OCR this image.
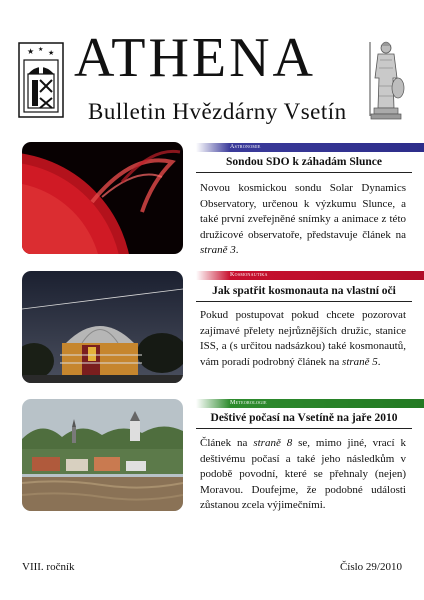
★ ★ ★ ATHENA
Bulletin Hvězdárny Vsetín
Astronomie
Sondou SDO k záhadám Slunce
Novou kosmickou sondu Solar Dynamics Observatory, určenou k výzkumu Slunce, a také první zveřejněné snímky a animace z této družicové observatoře, představuje článek na straně 3.
Kosmonautika
Jak spatřit kosmonauta na vlastní oči
Pokud postupovat pokud chcete pozorovat zajímavé přelety nejrůznějších družic, stanice ISS, a (s určitou nadsázkou) také kosmonautů, vám poradí podrobný článek na straně 5.
Meteorologie
Deštivé počasí na Vsetíně na jaře 2010
Článek na straně 8 se, mimo jiné, vrací k deštivému počasí a také jeho následkům v podobě povodní, které se přehnaly (nejen) Moravou. Doufejme, že podobné události zůstanou zcela výjimečními.
VIII. ročník	Číslo 29/2010
